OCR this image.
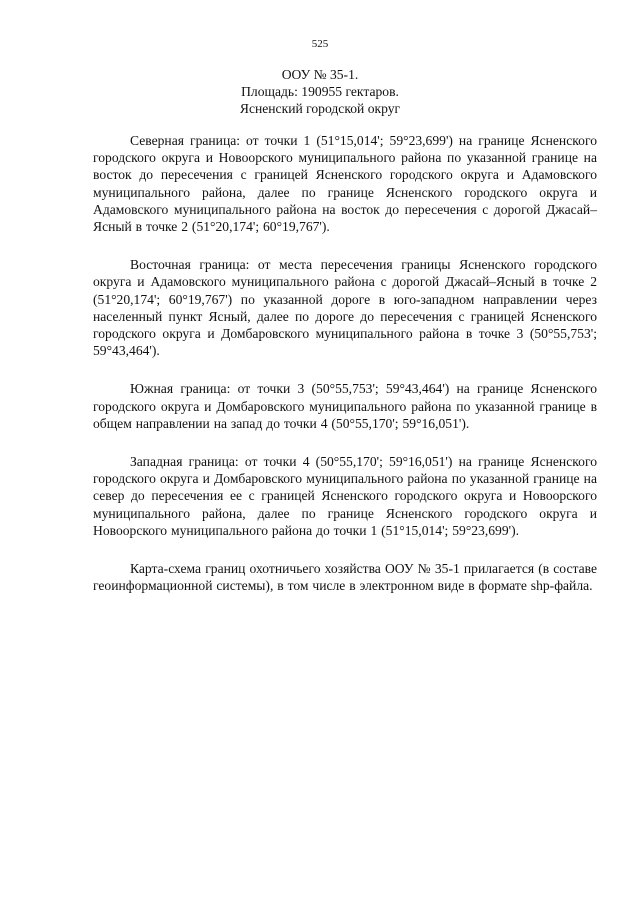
525
ООУ № 35-1.
Площадь: 190955 гектаров.
Ясненский городской округ

Северная граница: от точки 1 (51°15,014'; 59°23,699') на границе Ясненского городского округа и Новоорского муниципального района по указанной границе на восток до пересечения с границей Ясненского городского округа и Адамовского муниципального района, далее по границе Ясненского городского округа и Адамовского муниципального района на восток до пересечения с дорогой Джасай–Ясный в точке 2 (51°20,174'; 60°19,767').

Восточная граница: от места пересечения границы Ясненского городского округа и Адамовского муниципального района с дорогой Джасай–Ясный в точке 2 (51°20,174'; 60°19,767') по указанной дороге в юго-западном направлении через населенный пункт Ясный, далее по дороге до пересечения с границей Ясненского городского округа и Домбаровского муниципального района в точке 3 (50°55,753'; 59°43,464').

Южная граница: от точки 3 (50°55,753'; 59°43,464') на границе Ясненского городского округа и Домбаровского муниципального района по указанной границе в общем направлении на запад до точки 4 (50°55,170'; 59°16,051').

Западная граница: от точки 4 (50°55,170'; 59°16,051') на границе Ясненского городского округа и Домбаровского муниципального района по указанной границе на север до пересечения ее с границей Ясненского городского округа и Новоорского муниципального района, далее по границе Ясненского городского округа и Новоорского муниципального района до точки 1 (51°15,014'; 59°23,699').

Карта-схема границ охотничьего хозяйства ООУ № 35-1 прилагается (в составе геоинформационной системы), в том числе в электронном виде в формате shp-файла.
